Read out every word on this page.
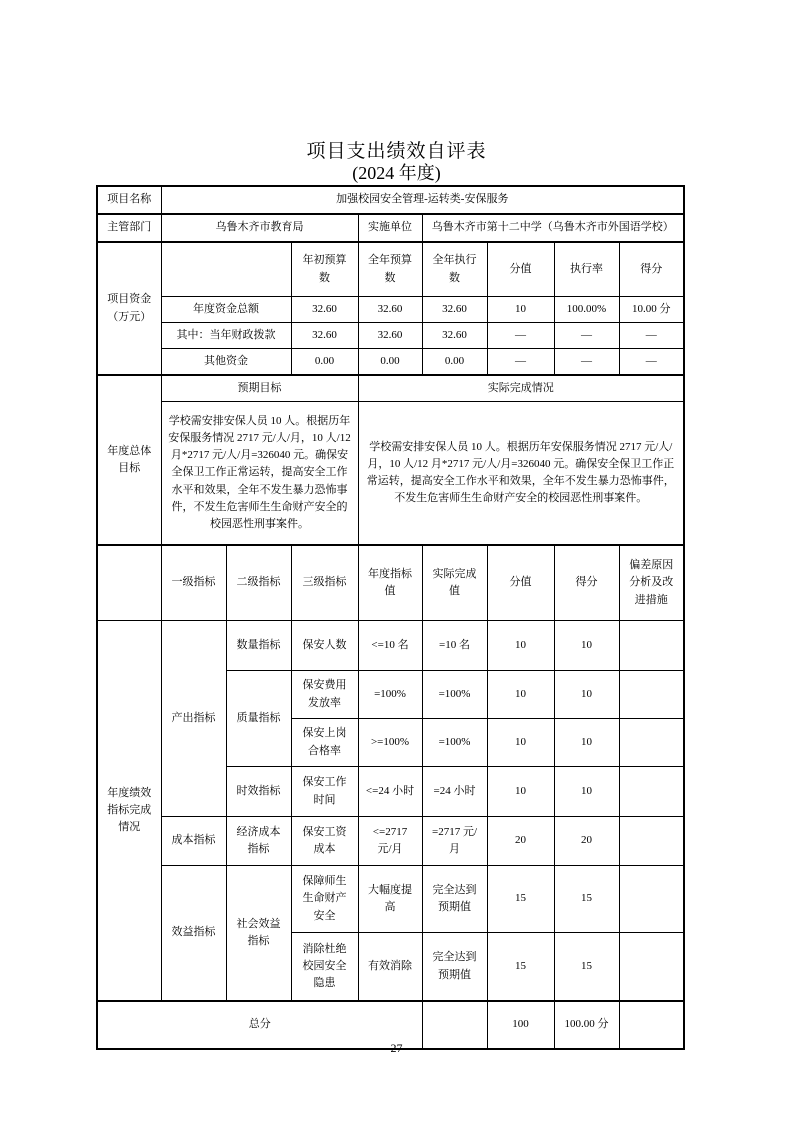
项目支出绩效自评表
(2024 年度)
项目名称	加强校园安全管理-运转类-安保服务							
主管部门	乌鲁木齐市教育局			实施单位	乌鲁木齐市第十二中学（乌鲁木齐市外国语学校）			
项目资金（万元）			年初预算数	全年预算数	全年执行数	分值	执行率	得分
	年度资金总额		32.60	32.60	32.60	10	100.00%	10.00 分
	其中：当年财政拨款		32.60	32.60	32.60	—	—	—
	其他资金		0.00	0.00	0.00	—	—	—
年度总体目标	预期目标			实际完成情况				
	学校需安排安保人员 10 人。根据历年安保服务情况 2717 元/人/月，10 人/12 月*2717 元/人/月=326040 元。确保安全保卫工作正常运转，提高安全工作水平和效果，全年不发生暴力恐怖事件，不发生危害师生生命财产安全的校园恶性刑事案件。			学校需安排安保人员 10 人。根据历年安保服务情况 2717 元/人/月，10 人/12 月*2717 元/人/月=326040 元。确保安全保卫工作正常运转，提高安全工作水平和效果，全年不发生暴力恐怖事件，不发生危害师生生命财产安全的校园恶性刑事案件。				
	一级指标	二级指标	三级指标	年度指标值	实际完成值	分值	得分	偏差原因分析及改进措施
年度绩效指标完成情况	产出指标	数量指标	保安人数	<=10 名	=10 名	10	10	
		质量指标	保安费用发放率	=100%	=100%	10	10	
			保安上岗合格率	>=100%	=100%	10	10	
		时效指标	保安工作时间	<=24 小时	=24 小时	10	10	
	成本指标	经济成本指标	保安工资成本	<=2717 元/月	=2717 元/月	20	20	
	效益指标	社会效益指标	保障师生生命财产安全	大幅度提高	完全达到预期值	15	15	
			消除杜绝校园安全隐患	有效消除	完全达到预期值	15	15	
总分						100	100.00 分	
27
